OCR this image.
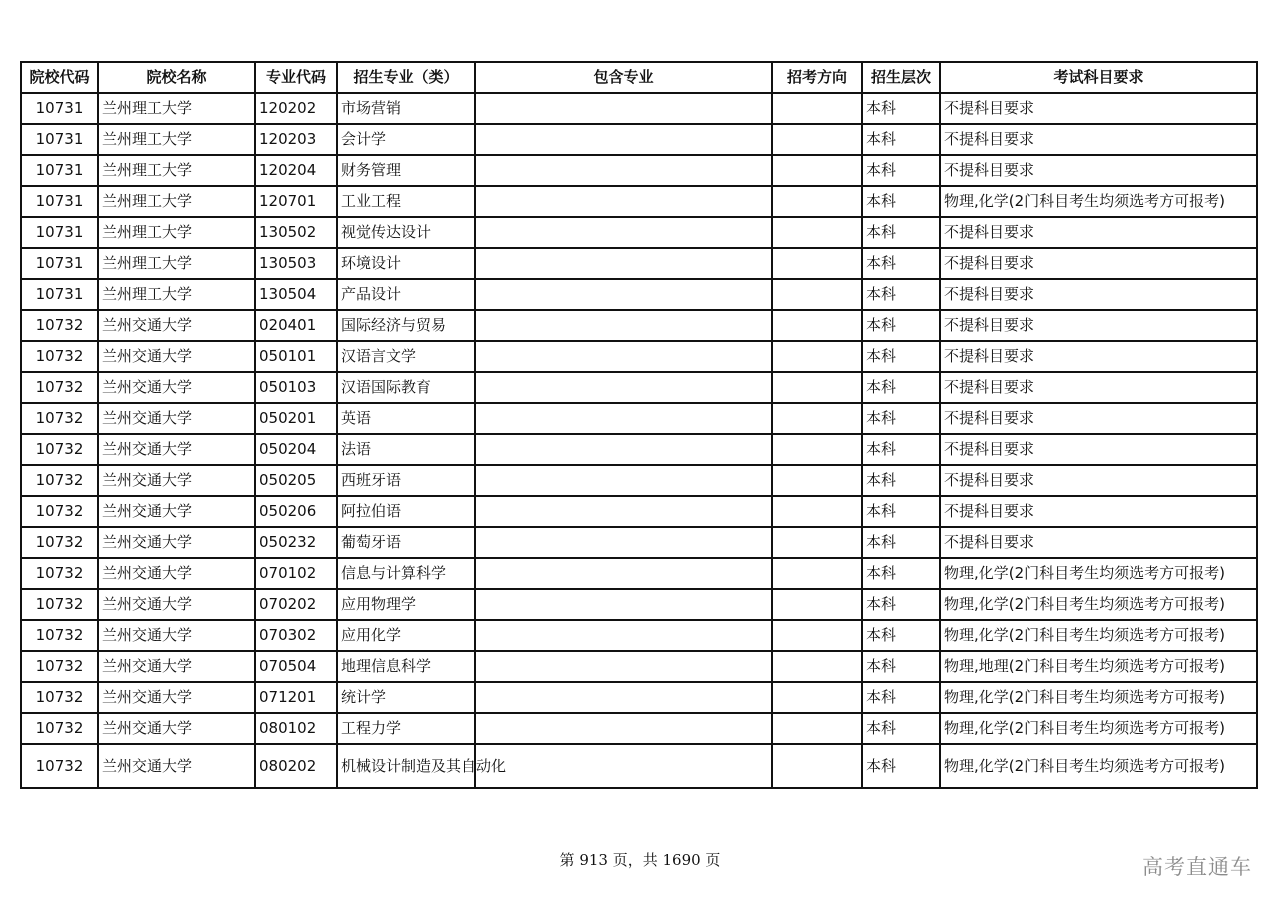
院校代码	院校名称	专业代码	招生专业（类）	包含专业	招考方向	招生层次	考试科目要求
10731	兰州理工大学	120202	市场营销			本科	不提科目要求
10731	兰州理工大学	120203	会计学			本科	不提科目要求
10731	兰州理工大学	120204	财务管理			本科	不提科目要求
10731	兰州理工大学	120701	工业工程			本科	物理,化学(2门科目考生均须选考方可报考)
10731	兰州理工大学	130502	视觉传达设计			本科	不提科目要求
10731	兰州理工大学	130503	环境设计			本科	不提科目要求
10731	兰州理工大学	130504	产品设计			本科	不提科目要求
10732	兰州交通大学	020401	国际经济与贸易			本科	不提科目要求
10732	兰州交通大学	050101	汉语言文学			本科	不提科目要求
10732	兰州交通大学	050103	汉语国际教育			本科	不提科目要求
10732	兰州交通大学	050201	英语			本科	不提科目要求
10732	兰州交通大学	050204	法语			本科	不提科目要求
10732	兰州交通大学	050205	西班牙语			本科	不提科目要求
10732	兰州交通大学	050206	阿拉伯语			本科	不提科目要求
10732	兰州交通大学	050232	葡萄牙语			本科	不提科目要求
10732	兰州交通大学	070102	信息与计算科学			本科	物理,化学(2门科目考生均须选考方可报考)
10732	兰州交通大学	070202	应用物理学			本科	物理,化学(2门科目考生均须选考方可报考)
10732	兰州交通大学	070302	应用化学			本科	物理,化学(2门科目考生均须选考方可报考)
10732	兰州交通大学	070504	地理信息科学			本科	物理,地理(2门科目考生均须选考方可报考)
10732	兰州交通大学	071201	统计学			本科	物理,化学(2门科目考生均须选考方可报考)
10732	兰州交通大学	080102	工程力学			本科	物理,化学(2门科目考生均须选考方可报考)
10732	兰州交通大学	080202	机械设计制造及其自动化			本科	物理,化学(2门科目考生均须选考方可报考)
第 913 页，共 1690 页	高考直通车
